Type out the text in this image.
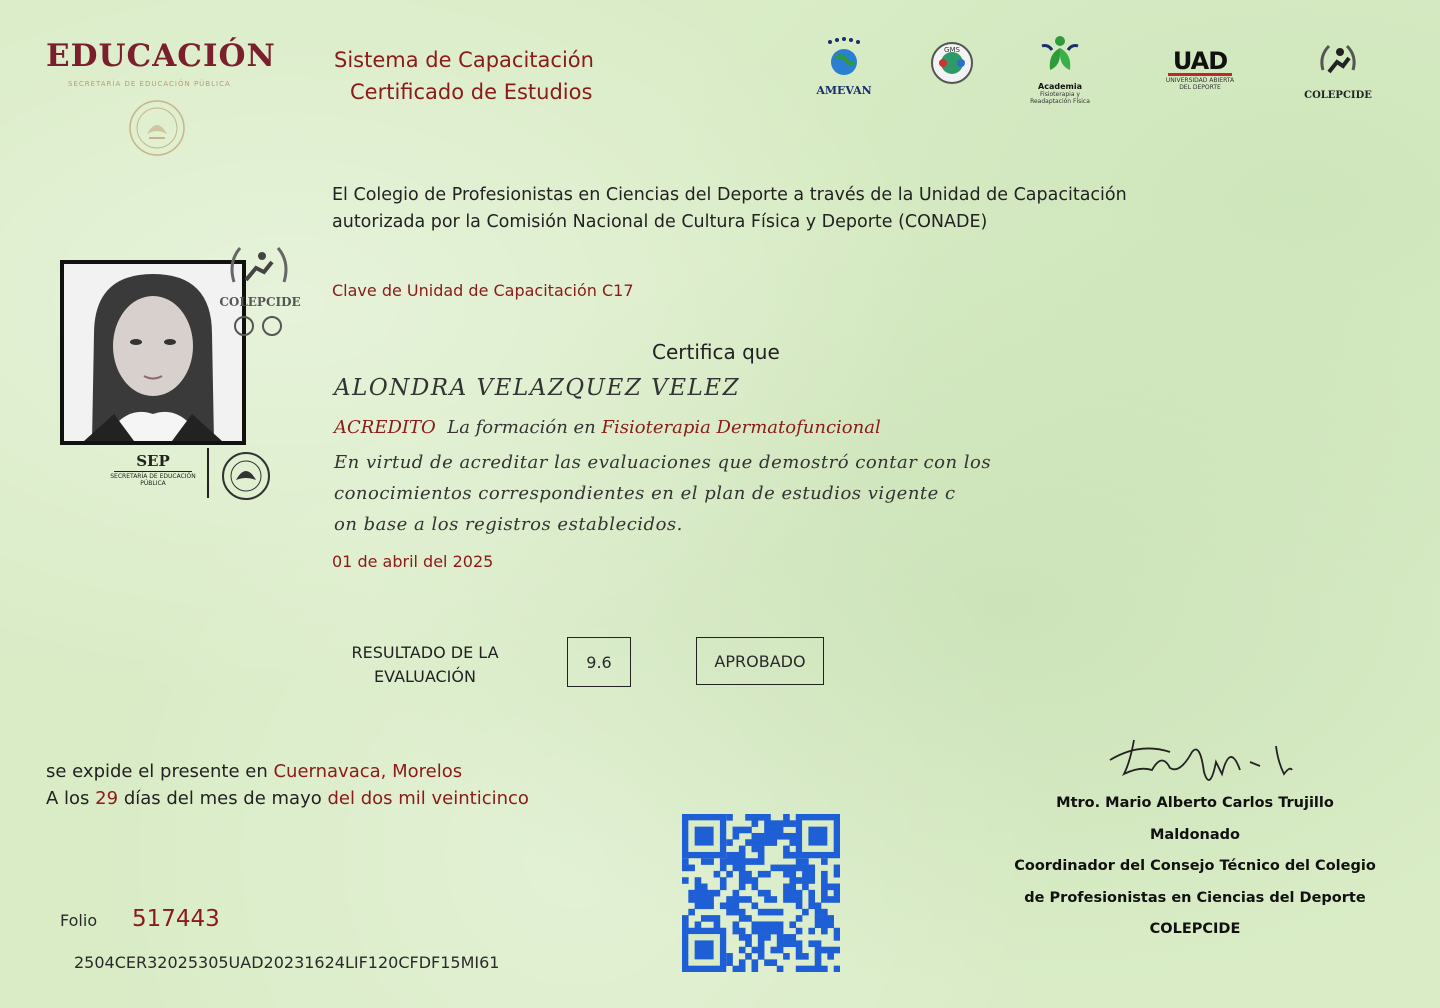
EDUCACIÓN
SECRETARÍA DE EDUCACIÓN PÚBLICA
Sistema de Capacitación
Certificado de Estudios	AMEVAN
GMS
Academia
Fisioterapia y Readaptación Física
UAD
UNIVERSIDAD ABIERTA DEL DEPORTE
COLEPCIDE
El Colegio de Profesionistas en Ciencias del Deporte a través de la Unidad de Capacitación
autorizada por la Comisión Nacional de Cultura Física y Deporte (CONADE)
Clave de Unidad de Capacitación C17
COLEPCIDE
SEP
SECRETARÍA DE EDUCACIÓN PÚBLICA
Certifica que
ALONDRA VELAZQUEZ VELEZ
ACREDITO La formación en Fisioterapia Dermatofuncional
En virtud de acreditar las evaluaciones que demostró contar con los
conocimientos correspondientes en el plan de estudios vigente c
on base a los registros establecidos.
01 de abril del 2025
RESULTADO DE LA
EVALUACIÓN
9.6	APROBADO
se expide el presente en Cuernavaca, Morelos
A los 29 días del mes de mayo del dos mil veinticinco
Folio 517443
2504CER32025305UAD20231624LIF120CFDF15MI61
Mtro. Mario Alberto Carlos Trujillo
Maldonado
Coordinador del Consejo Técnico del Colegio
de Profesionistas en Ciencias del Deporte
COLEPCIDE
